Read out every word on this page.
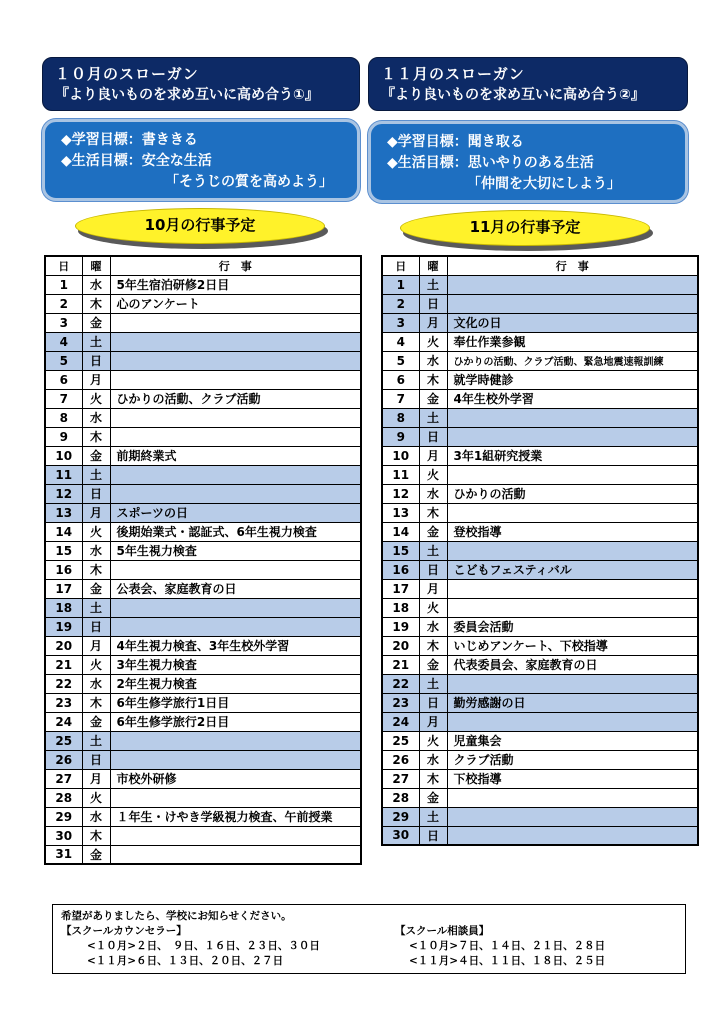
１０月のスローガン
『より良いものを求め互いに高め合う①』
◆学習目標：書ききる
◆生活目標：安全な生活
「そうじの質を高めよう」
10月の行事予定
日	曜	行　事
1	水	5年生宿泊研修2日目
2	木	心のアンケート
3	金	
4	土	
5	日	
6	月	
7	火	ひかりの活動、クラブ活動
8	水	
9	木	
10	金	前期終業式
11	土	
12	日	
13	月	スポーツの日
14	火	後期始業式・認証式、6年生視力検査
15	水	5年生視力検査
16	木	
17	金	公表会、家庭教育の日
18	土	
19	日	
20	月	4年生視力検査、3年生校外学習
21	火	3年生視力検査
22	水	2年生視力検査
23	木	6年生修学旅行1日目
24	金	6年生修学旅行2日目
25	土	
26	日	
27	月	市校外研修
28	火	
29	水	１年生・けやき学級視力検査、午前授業
30	木	
31	金	
１１月のスローガン
『より良いものを求め互いに高め合う②』
◆学習目標：聞き取る
◆生活目標：思いやりのある生活
「仲間を大切にしよう」
11月の行事予定
日	曜	行　事
1	土	
2	日	
3	月	文化の日
4	火	奉仕作業参観
5	水	ひかりの活動、クラブ活動、緊急地震速報訓練
6	木	就学時健診
7	金	4年生校外学習
8	土	
9	日	
10	月	3年1組研究授業
11	火	
12	水	ひかりの活動
13	木	
14	金	登校指導
15	土	
16	日	こどもフェスティバル
17	月	
18	火	
19	水	委員会活動
20	木	いじめアンケート、下校指導
21	金	代表委員会、家庭教育の日
22	土	
23	日	勤労感謝の日
24	月	
25	火	児童集会
26	水	クラブ活動
27	木	下校指導
28	金	
29	土	
30	日	
希望がありましたら、学校にお知らせください。
【スクールカウンセラー】
<１０月>２日、　９日、１６日、２３日、３０日
<１１月>６日、１３日、２０日、２７日
【スクール相談員】
<１０月>７日、１４日、２１日、２８日
<１１月>４日、１１日、１８日、２５日
